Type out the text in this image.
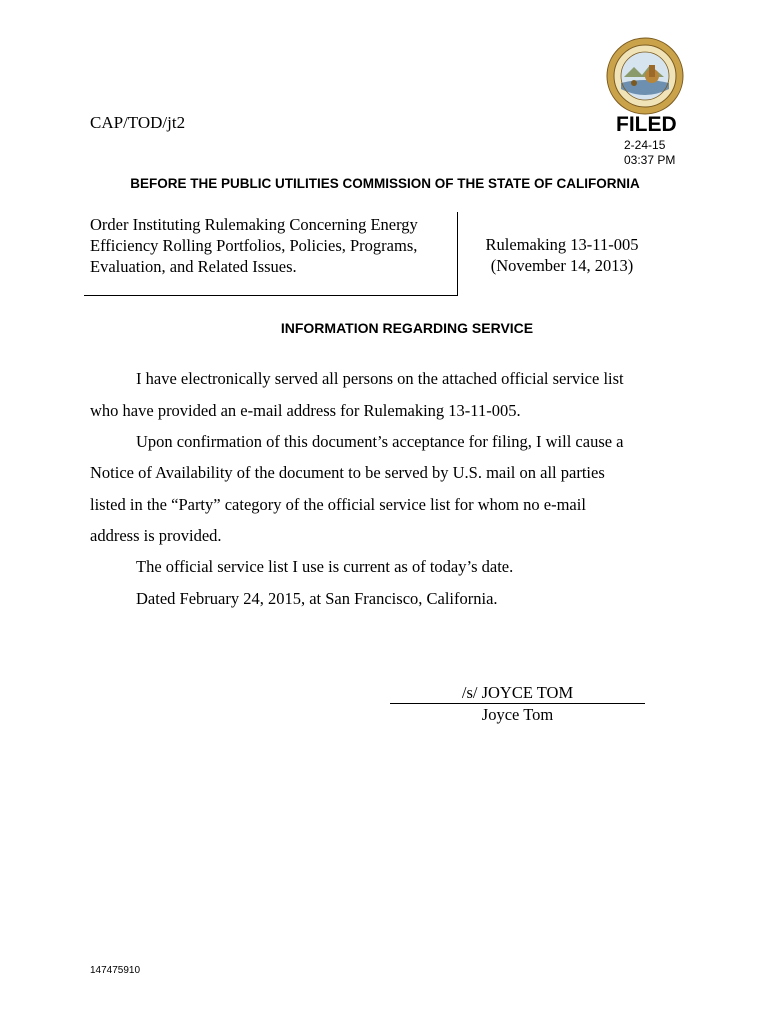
CAP/TOD/jt2	FILED
2-24-15
03:37 PM
BEFORE THE PUBLIC UTILITIES COMMISSION OF THE STATE OF CALIFORNIA
Order Instituting Rulemaking Concerning Energy
Efficiency Rolling Portfolios, Policies, Programs,
Evaluation, and Related Issues.
Rulemaking 13-11-005
(November 14, 2013)
INFORMATION REGARDING SERVICE
I have electronically served all persons on the attached official service list
who have provided an e-mail address for Rulemaking 13-11-005.
Upon confirmation of this document’s acceptance for filing, I will cause a
Notice of Availability of the document to be served by U.S. mail on all parties
listed in the “Party” category of the official service list for whom no e-mail
address is provided.
The official service list I use is current as of today’s date.
Dated February 24, 2015, at San Francisco, California.
/s/ JOYCE TOM
Joyce Tom
147475910
